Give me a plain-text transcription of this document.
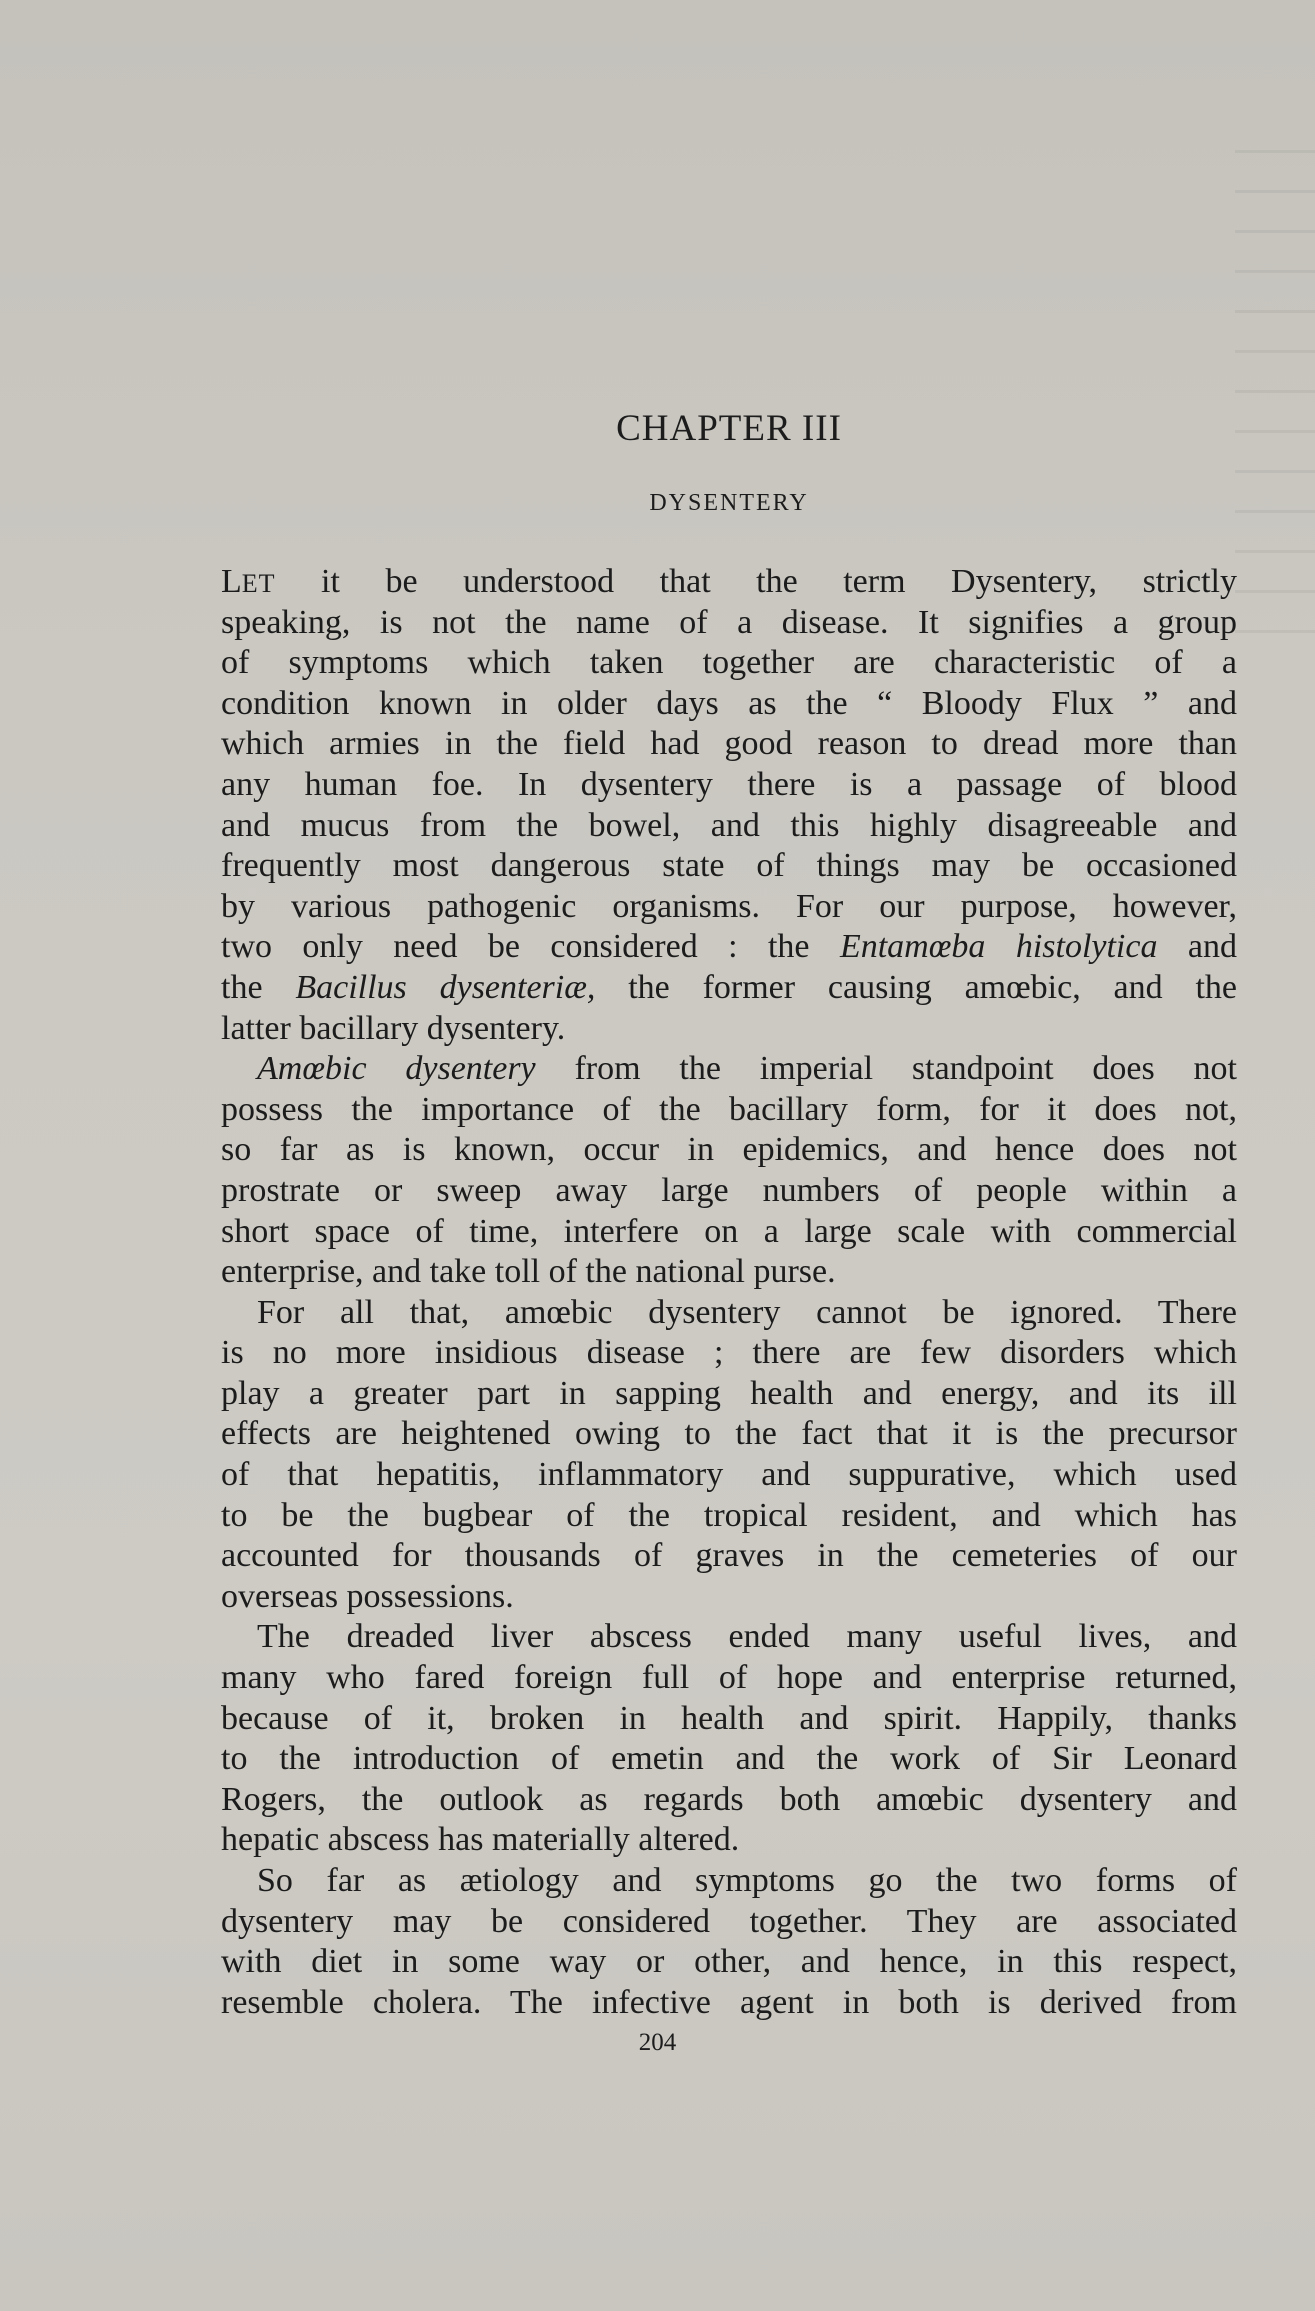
CHAPTER III
DYSENTERY
LET it be understood that the term Dysentery, strictly
speaking, is not the name of a disease. It signifies a group
of symptoms which taken together are characteristic of a
condition known in older days as the “ Bloody Flux ” and
which armies in the field had good reason to dread more than
any human foe. In dysentery there is a passage of blood
and mucus from the bowel, and this highly disagreeable and
frequently most dangerous state of things may be occasioned
by various pathogenic organisms. For our purpose, however,
two only need be considered : the Entamœba histolytica and
the Bacillus dysenteriæ, the former causing amœbic, and the
latter bacillary dysentery.
Amœbic dysentery from the imperial standpoint does not
possess the importance of the bacillary form, for it does not,
so far as is known, occur in epidemics, and hence does not
prostrate or sweep away large numbers of people within a
short space of time, interfere on a large scale with commercial
enterprise, and take toll of the national purse.
For all that, amœbic dysentery cannot be ignored. There
is no more insidious disease ; there are few disorders which
play a greater part in sapping health and energy, and its ill
effects are heightened owing to the fact that it is the precursor
of that hepatitis, inflammatory and suppurative, which used
to be the bugbear of the tropical resident, and which has
accounted for thousands of graves in the cemeteries of our
overseas possessions.
The dreaded liver abscess ended many useful lives, and
many who fared foreign full of hope and enterprise returned,
because of it, broken in health and spirit. Happily, thanks
to the introduction of emetin and the work of Sir Leonard
Rogers, the outlook as regards both amœbic dysentery and
hepatic abscess has materially altered.
So far as ætiology and symptoms go the two forms of
dysentery may be considered together. They are associated
with diet in some way or other, and hence, in this respect,
resemble cholera. The infective agent in both is derived from
204
